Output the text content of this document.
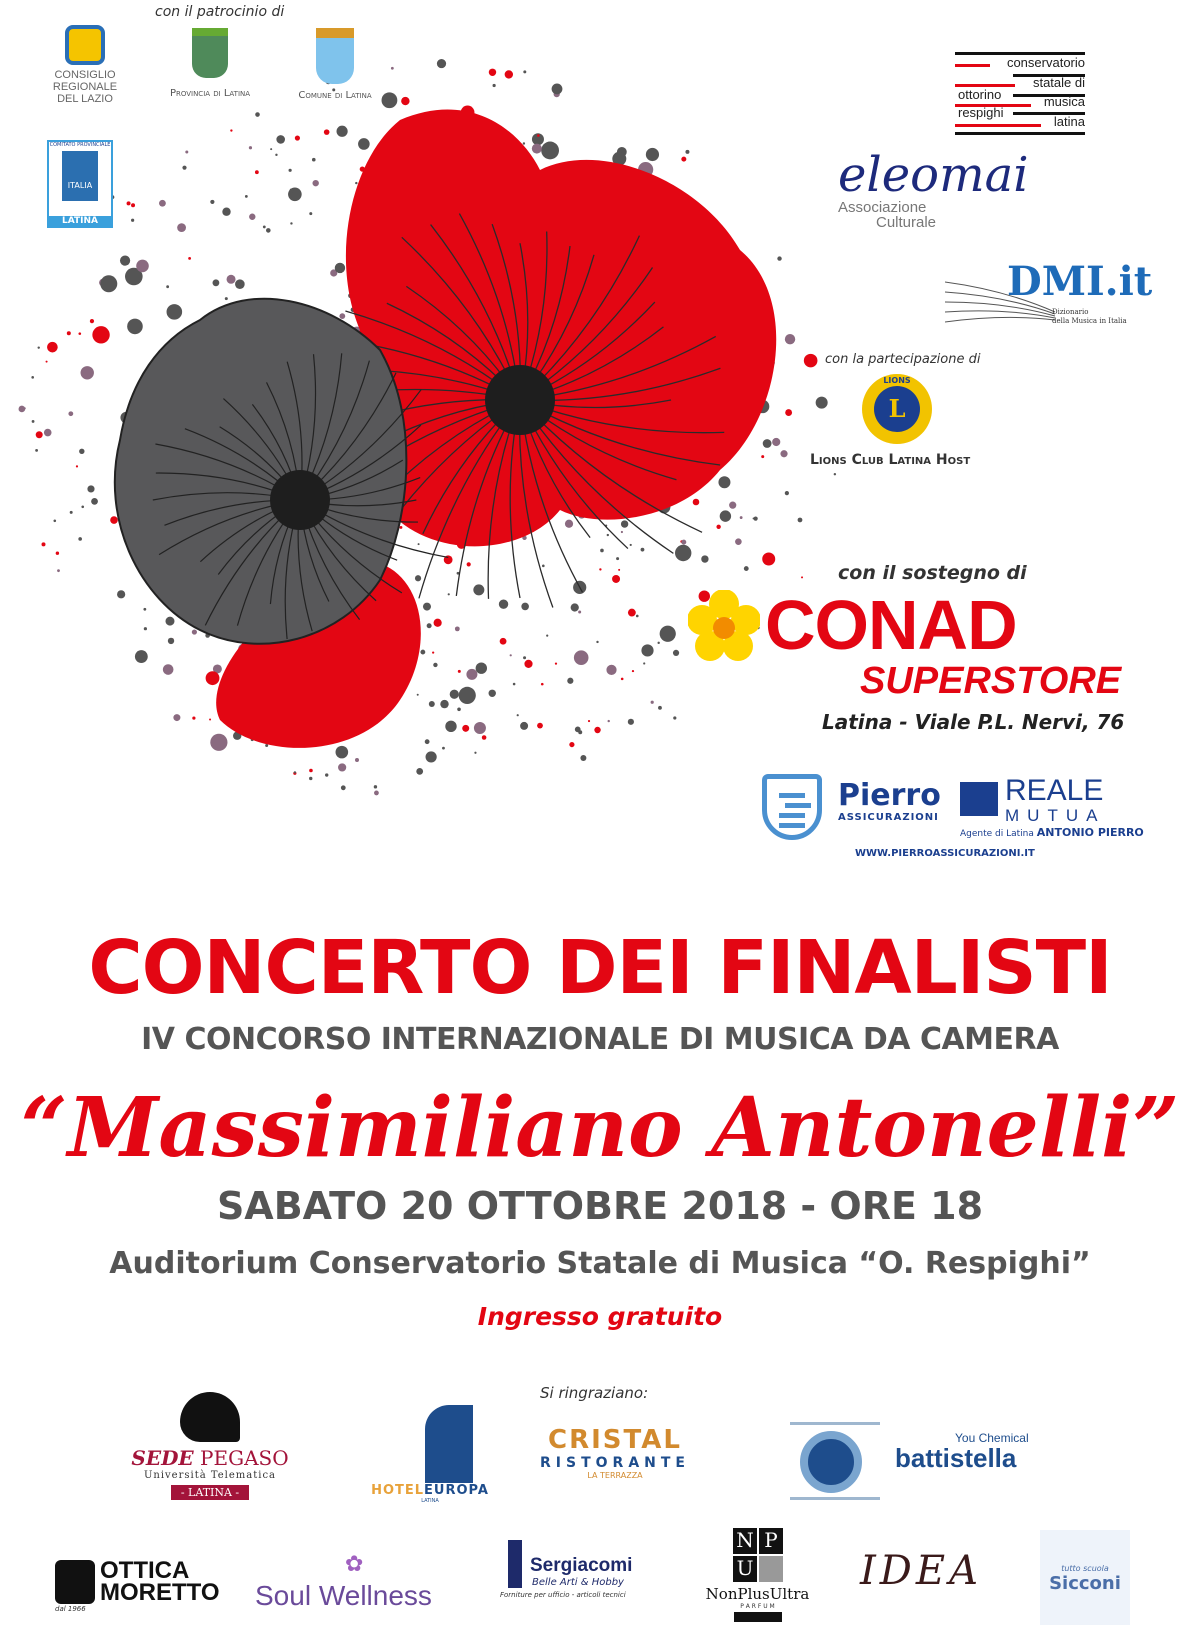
con il patrocinio di
CONSIGLIO REGIONALE DEL LAZIO	Provincia di Latina	Comune di Latina
COMITATO PROVINCIALE
ITALIA
LATINA
conservatorio
statale di
musica
latina
ottorino
respighi
eleomai
Associazione
Culturale
DMI.it
Dizionario
della Musica in Italia
con la partecipazione di
L
LIONS
Lions Club Latina Host
con il sostegno di
CONAD
SUPERSTORE
Latina - Viale P.L. Nervi, 76
Pierro
ASSICURAZIONI
REALE
MUTUA
Agente di Latina ANTONIO PIERRO
WWW.PIERROASSICURAZIONI.IT
CONCERTO DEI FINALISTI
IV CONCORSO INTERNAZIONALE DI MUSICA DA CAMERA
“Massimiliano Antonelli”
SABATO 20 OTTOBRE 2018 - ORE 18
Auditorium Conservatorio Statale di Musica “O. Respighi”
Ingresso gratuito
Si ringraziano:
SEDE PEGASO
Università Telematica
- LATINA -	HOTELEUROPA
LATINA
CRISTAL
RISTORANTE
LA TERRAZZA
You Chemical
battistella
OTTICA
MORETTO
dal 1966
✿
Soul Wellness
Sergiacomi
Belle Arti & Hobby
Forniture per ufficio - articoli tecnici
N P
U
NonPlusUltra
P A R F U M
IDEA	tutto scuola
Sicconi
